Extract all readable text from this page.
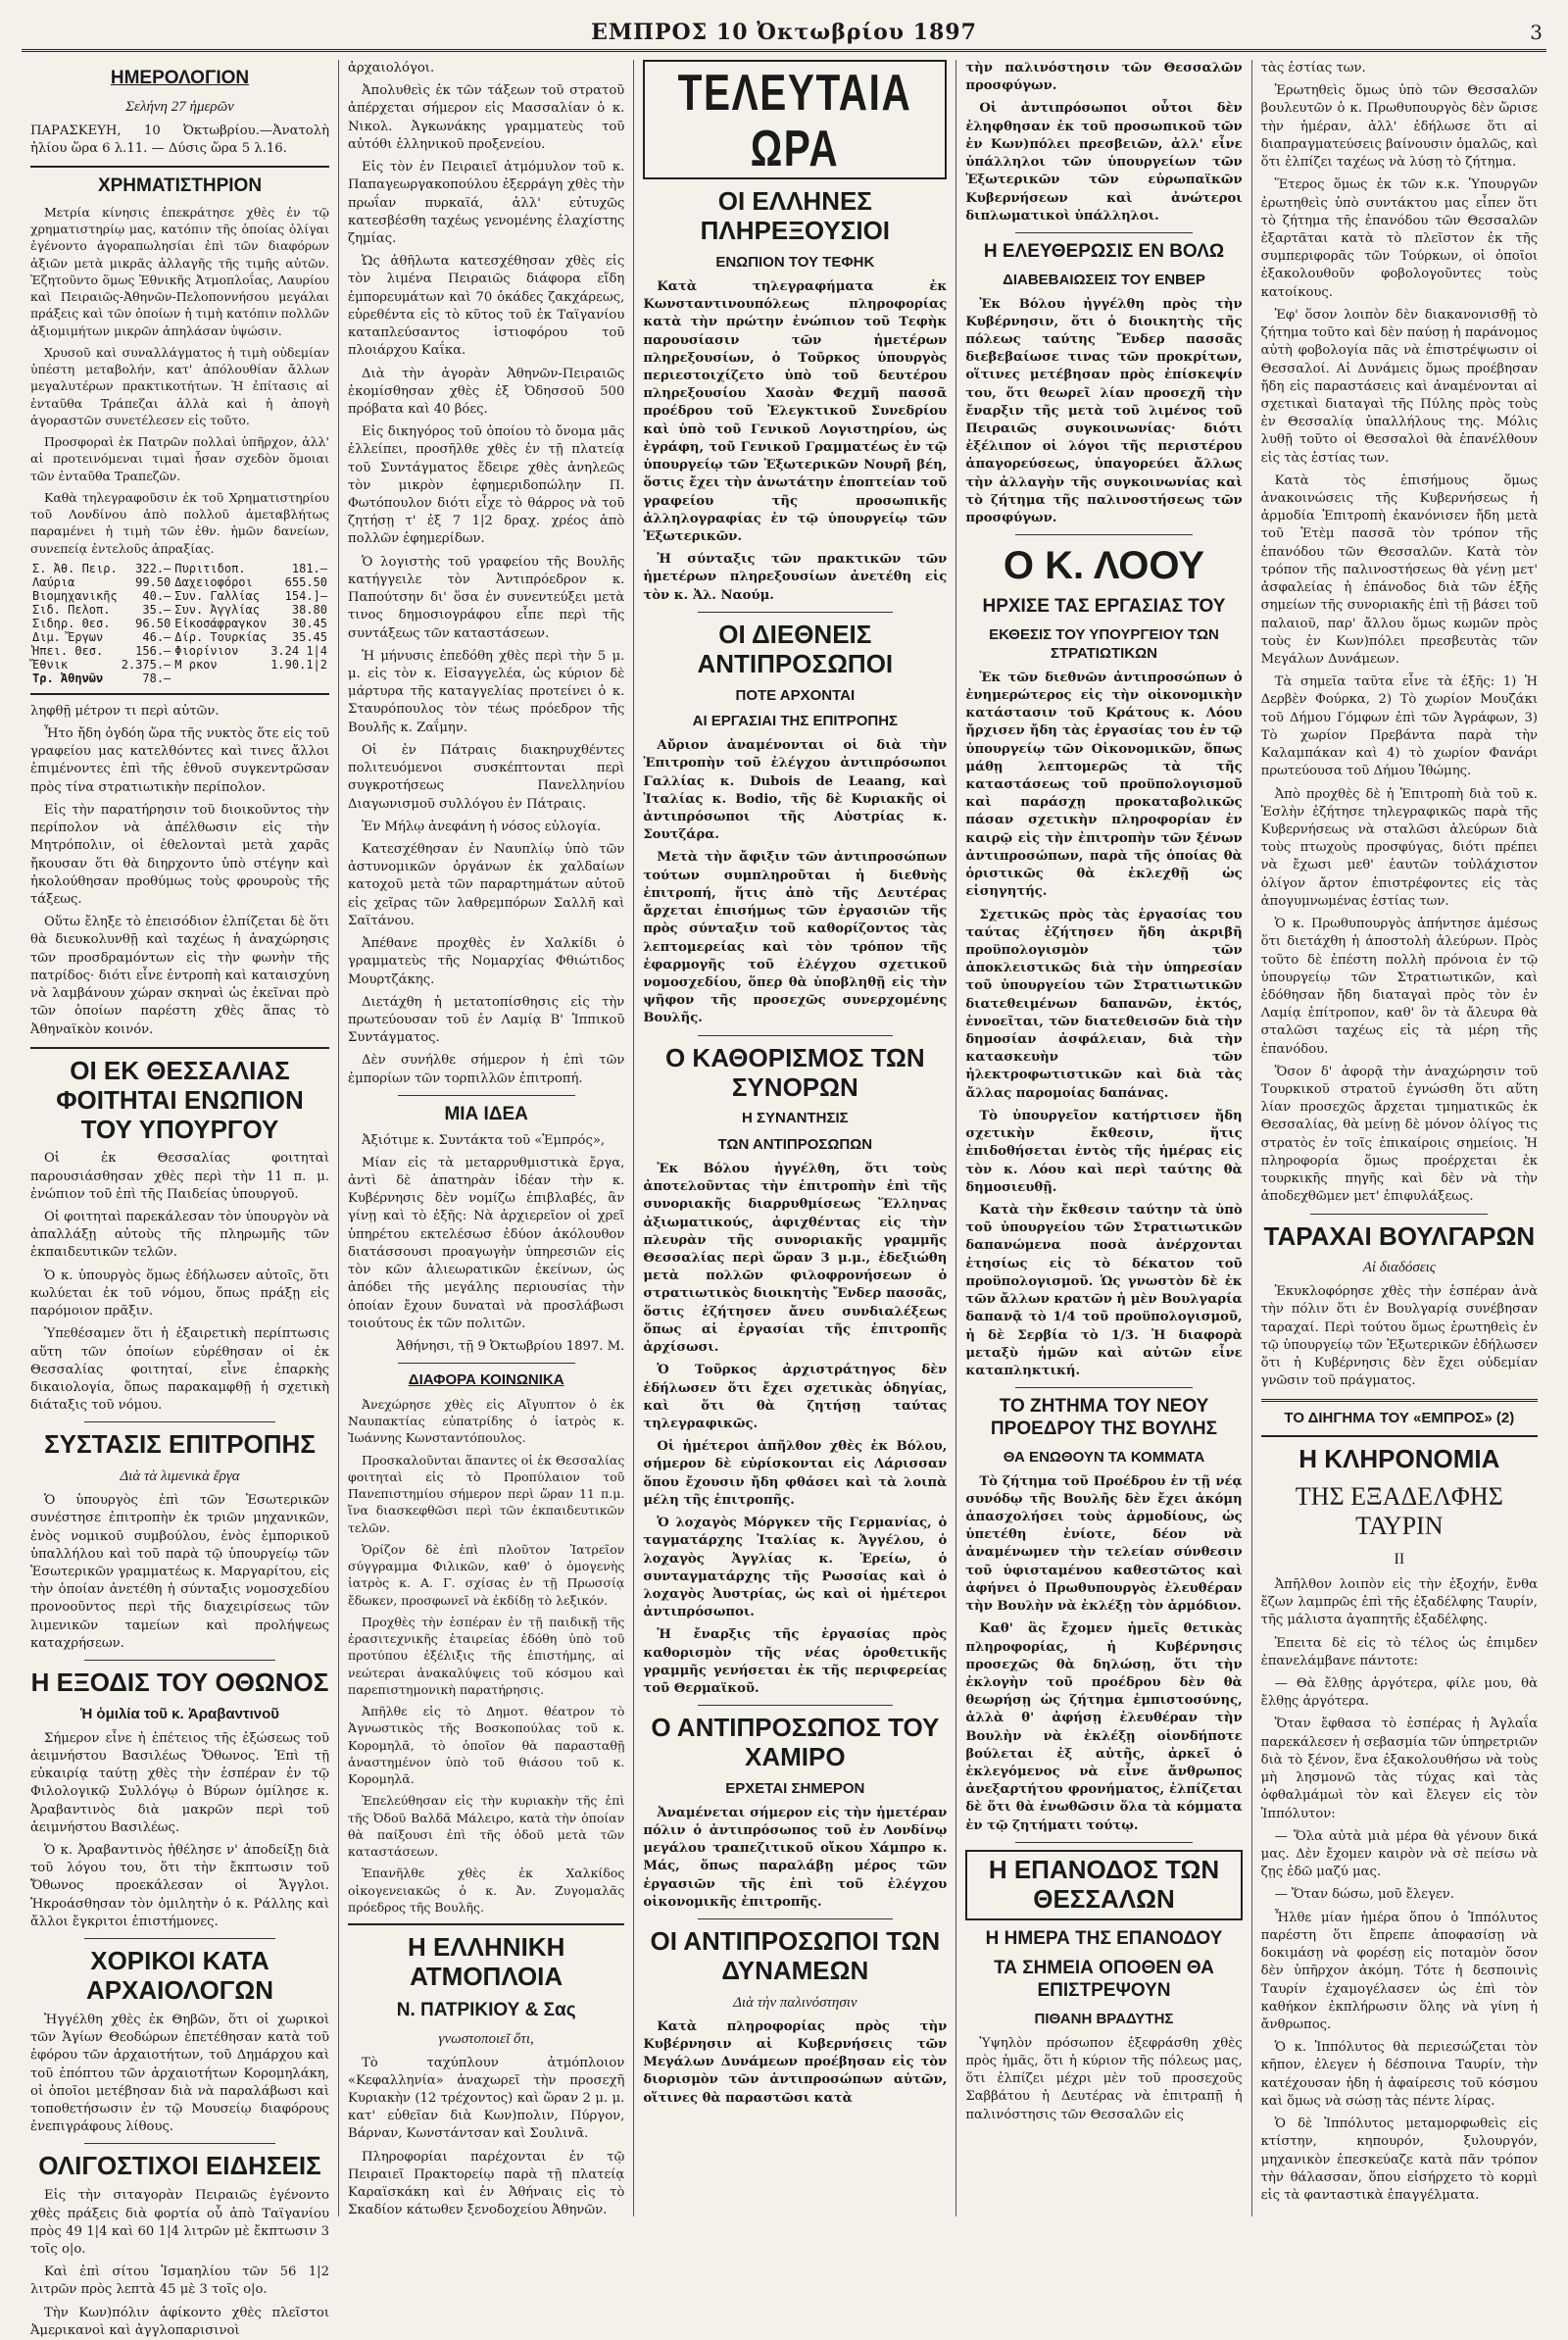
ΕΜΠΡΟΣ 10 Ὀκτωβρίου 1897	3
ΗΜΕΡΟΛΟΓΙΟΝ
Σελήνη 27 ἡμερῶν

ΠΑΡΑΣΚΕΥΗ, 10 Ὀκτωβρίου.—Ἀνατολὴ ἡλίου ὥρα 6 λ.11. — Δύσις ὥρα 5 λ.16.

ΧΡΗΜΑΤΙΣΤΗΡΙΟΝ

Μετρία κίνησις ἐπεκράτησε χθὲς ἐν τῷ χρηματιστηρίῳ μας, κατόπιν τῆς ὁποίας ὀλίγαι ἐγένοντο ἀγοραπωλησίαι ἐπὶ τῶν διαφόρων ἀξιῶν μετὰ μικρᾶς ἀλλαγῆς τῆς τιμῆς αὐτῶν. Ἐζητοῦντο ὅμως Ἐθνικῆς Ἀτμοπλοΐας, Λαυρίου καὶ Πειραιῶς-Ἀθηνῶν-Πελοποννήσου μεγάλαι πράξεις καὶ τῶν ὁποίων ἡ τιμὴ κατόπιν πολλῶν ἀξιομιμήτων μικρῶν ἀπηλάσαν ὑψώσιν.

Χρυσοῦ καὶ συναλλάγματος ἡ τιμὴ οὐδεμίαν ὑπέστη μεταβολήν, κατ' ἀπόλουθίαν ἄλλων μεγαλυτέρων πρακτικοτήτων. Ἡ ἐπίτασις αἱ ἐνταῦθα Τράπεζαι ἀλλὰ καὶ ἡ ἀπογὴ ἀγοραστῶν συνετέλεσεν εἰς τοῦτο.

Προσφοραὶ ἐκ Πατρῶν πολλαὶ ὑπῆρχον, ἀλλ' αἱ προτεινόμεναι τιμαὶ ἦσαν σχεδὸν ὅμοιαι τῶν ἐνταῦθα Τραπεζῶν.

Καθὰ τηλεγραφοῦσιν ἐκ τοῦ Χρηματιστηρίου τοῦ Λονδίνου ἀπὸ πολλοῦ ἀμεταβλήτως παραμένει ἡ τιμὴ τῶν ἐθν. ἡμῶν δανείων, συνεπείᾳ ἐντελοῦς ἀπραξίας.

Σ. Ἀθ. Πειρ.	322.—	Πυριτιδοπ.	181.—
Λαύρια	99.50	Δαχειοφόροι	655.50
Βιομηχανικῆς	40.—	Συν. Γαλλίας	154.]—
Σιδ. Πελοπ.	35.—	Συν. Ἀγγλίας	38.80
Σιδηρ. Θεσ.	96.50	Εἰκοσάφραγκον	30.45
Διμ. Ἔργων	46.—	Δίρ. Τουρκίας	35.45
Ἡπει. Θεσ.	156.—	Φιορίνιον	3.24 1|4
Ἔθνικ	2.375.—	Μ ρκον	1.90.1|2
Τρ. Ἀθηνῶν	78.—		

ληφθῇ μέτρον τι περὶ αὐτῶν.

Ἦτο ἤδη ὀγδόη ὥρα τῆς νυκτὸς ὅτε εἰς τοῦ γραφείου μας κατελθόντες καὶ τινες ἄλλοι ἐπιμένοντες ἐπὶ τῆς ἐθνοῦ συγκεντρῶσαν πρὸς τίνα στρατιωτικὴν περίπολον.

Εἰς τὴν παρατήρησιν τοῦ διοικοῦντος τὴν περίπολον νὰ ἀπέλθωσιν εἰς τὴν Μητρόπολιν, οἱ ἐθελονταὶ μετὰ χαρᾶς ἤκουσαν ὅτι θὰ διηρχοντο ὑπὸ στέγην καὶ ἠκολούθησαν προθύμως τοὺς φρουροὺς τῆς τάξεως.

Οὕτω ἔληξε τὸ ἐπεισόδιον ἐλπίζεται δὲ ὅτι θὰ διευκολυνθῇ καὶ ταχέως ἡ ἀναχώρησις τῶν προσδραμόντων εἰς τὴν φωνὴν τῆς πατρίδος· διότι εἶνε ἐντροπὴ καὶ καταισχύνη νὰ λαμβάνουν χώραν σκηναὶ ὡς ἐκεῖναι πρὸ τῶν ὁποίων παρέστη χθὲς ἅπας τὸ Ἀθηναϊκὸν κοινόν.

ΟΙ ΕΚ ΘΕΣΣΑΛΙΑΣ ΦΟΙΤΗΤΑΙ ΕΝΩΠΙΟΝ ΤΟΥ ΥΠΟΥΡΓΟΥ

Οἱ ἐκ Θεσσαλίας φοιτηταὶ παρουσιάσθησαν χθὲς περὶ τὴν 11 π. μ. ἐνώπιον τοῦ ἐπὶ τῆς Παιδείας ὑπουργοῦ.

Οἱ φοιτηταὶ παρεκάλεσαν τὸν ὑπουργὸν νὰ ἀπαλλάξῃ αὐτοὺς τῆς πληρωμῆς τῶν ἐκπαιδευτικῶν τελῶν.

Ὁ κ. ὑπουργὸς ὅμως ἐδήλωσεν αὐτοῖς, ὅτι κωλύεται ἐκ τοῦ νόμου, ὅπως πράξῃ εἰς παρόμοιον πρᾶξιν.

Ὑπεθέσαμεν ὅτι ἡ ἐξαιρετικὴ περίπτωσις αὕτη τῶν ὁποίων εὑρέθησαν οἱ ἐκ Θεσσαλίας φοιτηταί, εἶνε ἐπαρκὴς δικαιολογία, ὅπως παρακαμφθῇ ἡ σχετικὴ διάταξις τοῦ νόμου.

ΣΥΣΤΑΣΙΣ ΕΠΙΤΡΟΠΗΣ
Διὰ τὰ λιμενικὰ ἔργα

Ὁ ὑπουργὸς ἐπὶ τῶν Ἐσωτερικῶν συνέστησε ἐπιτροπὴν ἐκ τριῶν μηχανικῶν, ἐνὸς νομικοῦ συμβούλου, ἐνὸς ἐμπορικοῦ ὑπαλλήλου καὶ τοῦ παρὰ τῷ ὑπουργείῳ τῶν Ἐσωτερικῶν γραμματέως κ. Μαργαρίτου, εἰς τὴν ὁποίαν ἀνετέθη ἡ σύνταξις νομοσχεδίου προνοοῦντος περὶ τῆς διαχειρίσεως τῶν λιμενικῶν ταμείων καὶ προλήψεως καταχρήσεων.

Η ΕΞΟΔΙΣ ΤΟΥ ΟΘΩΝΟΣ
Ἡ ὁμιλία τοῦ κ. Ἀραβαντινοῦ

Σήμερον εἶνε ἡ ἐπέτειος τῆς ἐξώσεως τοῦ ἀειμνήστου Βασιλέως Ὄθωνος. Ἐπὶ τῇ εὐκαιρίᾳ ταύτῃ χθὲς τὴν ἑσπέραν ἐν τῷ Φιλολογικῷ Συλλόγῳ ὁ Βύρων ὁμίλησε κ. Ἀραβαντινὸς διὰ μακρῶν περὶ τοῦ ἀειμνήστου Βασιλέως.

Ὁ κ. Ἀραβαντινὸς ἠθέλησε ν' ἀποδείξῃ διὰ τοῦ λόγου του, ὅτι τὴν ἔκπτωσιν τοῦ Ὄθωνος προεκάλεσαν οἱ Ἄγγλοι. Ἠκροάσθησαν τὸν ὁμιλητὴν ὁ κ. Ράλλης καὶ ἄλλοι ἔγκριτοι ἐπιστήμονες.

ΧΟΡΙΚΟΙ ΚΑΤΑ ΑΡΧΑΙΟΛΟΓΩΝ

Ἠγγέλθη χθὲς ἐκ Θηβῶν, ὅτι οἱ χωρικοὶ τῶν Ἁγίων Θεοδώρων ἐπετέθησαν κατὰ τοῦ ἐφόρου τῶν ἀρχαιοτήτων, τοῦ Δημάρχου καὶ τοῦ ἐπόπτου τῶν ἀρχαιοτήτων Κορομηλάκη, οἱ ὁποῖοι μετέβησαν διὰ νὰ παραλάβωσι καὶ τοποθετήσωσιν ἐν τῷ Μουσείῳ διαφόρους ἐνεπιγράφους λίθους.

ΟΛΙΓΟΣΤΙΧΟΙ ΕΙΔΗΣΕΙΣ

Εἰς τὴν σιταγορὰν Πειραιῶς ἐγένοντο χθὲς πράξεις διὰ φορτία οὗ ἀπὸ Ταϊγανίου πρὸς 49 1|4 καὶ 60 1|4 λιτρῶν μὲ ἔκπτωσιν 3 τοῖς ο|ο.

Καὶ ἐπὶ σίτου Ἰσμαηλίου τῶν 56 1|2 λιτρῶν πρὸς λεπτὰ 45 μὲ 3 τοῖς ο|ο.

Τὴν Κων)πόλιν ἀφίκοντο χθὲς πλεῖστοι Ἀμερικανοὶ καὶ ἀγγλοπαρισινοὶ

ἀρχαιολόγοι.

Ἀπολυθεὶς ἐκ τῶν τάξεων τοῦ στρατοῦ ἀπέρχεται σήμερον εἰς Μασσαλίαν ὁ κ. Νικολ. Ἀγκωνάκης γραμματεὺς τοῦ αὐτόθι ἑλληνικοῦ προξενείου.

Εἰς τὸν ἐν Πειραιεῖ ἀτμόμυλον τοῦ κ. Παπαγεωργακοπούλου ἐξερράγη χθὲς τὴν πρωΐαν πυρκαϊά, ἀλλ' εὐτυχῶς κατεσβέσθη ταχέως γενομένης ἐλαχίστης ζημίας.

Ὡς ἀθῆλωτα κατεσχέθησαν χθὲς εἰς τὸν λιμένα Πειραιῶς διάφορα εἴδη ἐμπορευμάτων καὶ 70 ὀκάδες ζακχάρεως, εὑρεθέντα εἰς τὸ κῦτος τοῦ ἐκ Ταϊγανίου καταπλεύσαντος ἱστιοφόρου τοῦ πλοιάρχου Καΐκα.

Διὰ τὴν ἀγορὰν Ἀθηνῶν-Πειραιῶς ἐκομίσθησαν χθὲς ἐξ Ὀδησσοῦ 500 πρόβατα καὶ 40 βόες.

Εἰς δικηγόρος τοῦ ὁποίου τὸ ὄνομα μᾶς ἐλλείπει, προσῆλθε χθὲς ἐν τῇ πλατείᾳ τοῦ Συντάγματος ἔδειρε χθὲς ἀνηλεῶς τὸν μικρὸν ἐφημεριδοπώλην Π. Φωτόπουλον διότι εἶχε τὸ θάρρος νὰ τοῦ ζητήσῃ τ' ἐξ 7 1|2 δραχ. χρέος ἀπὸ πολλῶν ἐφημερίδων.

Ὁ λογιστὴς τοῦ γραφείου τῆς Βουλῆς κατήγγειλε τὸν Ἀντιπρόεδρον κ. Παπούτσην δι' ὅσα ἐν συνεντεύξει μετὰ τινος δημοσιογράφου εἶπε περὶ τῆς συντάξεως τῶν καταστάσεων.

Ἡ μήνυσις ἐπεδόθη χθὲς περὶ τὴν 5 μ. μ. εἰς τὸν κ. Εἰσαγγελέα, ὡς κύριον δὲ μάρτυρα τῆς καταγγελίας προτείνει ὁ κ. Σταυρόπουλος τὸν τέως πρόεδρον τῆς Βουλῆς κ. Ζαΐμην.

Οἱ ἐν Πάτραις διακηρυχθέντες πολιτευόμενοι συσκέπτονται περὶ συγκροτήσεως Πανελληνίου Διαγωνισμοῦ συλλόγου ἐν Πάτραις.

Ἐν Μήλῳ ἀνεφάνη ἡ νόσος εὐλογία.

Κατεσχέθησαν ἐν Ναυπλίῳ ὑπὸ τῶν ἀστυνομικῶν ὀργάνων ἐκ χαλδαίων κατοχοῦ μετὰ τῶν παραρτημάτων αὐτοῦ εἰς χεῖρας τῶν λαθρεμπόρων Σαλλῆ καὶ Σαϊτάνου.

Ἀπέθανε προχθὲς ἐν Χαλκίδι ὁ γραμματεὺς τῆς Νομαρχίας Φθιώτιδος Μουρτζάκης.

Διετάχθη ἡ μετατοπίσθησις εἰς τὴν πρωτεύουσαν τοῦ ἐν Λαμίᾳ Β' Ἱππικοῦ Συντάγματος.

Δὲν συνήλθε σήμερον ἡ ἐπὶ τῶν ἐμπορίων τῶν τορπιλλῶν ἐπιτροπή.

ΜΙΑ ΙΔΕΑ

Ἀξιότιμε κ. Συντάκτα τοῦ «Ἐμπρός»,

Μίαν εἰς τὰ μεταρρυθμιστικὰ ἔργα, ἀντὶ δὲ ἀπατηρὰν ἰδέαν τὴν κ. Κυβέρνησις δὲν νομίζω ἐπιβλαβές, ἂν γίνῃ καὶ τὸ ἑξῆς: Νὰ ἀρχιερεῖον οἱ χρεῖ ὑπηρέτου εκτελέσωσ ἐδύον ἀκόλουθον διατάσσουσι προαγωγὴν ὑπηρεσιῶν εἰς τὸν κῶν ἀλιεωρατικῶν ἐκείνων, ὡς ἀπόδει τῆς μεγάλης περιουσίας τὴν ὁποίαν ἔχουν δυναταὶ νὰ προσλάβωσι τοιούτους ἐκ τῶν πολιτῶν.

Ἀθήνησι, τῇ 9 Ὀκτωβρίου 1897. Μ.

ΔΙΑΦΟΡΑ ΚΟΙΝΩΝΙΚΑ

Ἀνεχώρησε χθὲς εἰς Αἴγυπτον ὁ ἐκ Ναυπακτίας εὐπατρίδης ὁ ἰατρὸς κ. Ἰωάννης Κωνσταντόπουλος.

Προσκαλοῦνται ἅπαντες οἱ ἐκ Θεσσαλίας φοιτηταὶ εἰς τὸ Προπύλαιον τοῦ Πανεπιστημίου σήμερον περὶ ὥραν 11 π.μ. ἵνα διασκεφθῶσι περὶ τῶν ἐκπαιδευτικῶν τελῶν.

Ὁρίζον δὲ ἐπὶ πλοῦτον Ἰατρεῖον σύγγραμμα Φιλικῶν, καθ' ὁ ὁμογενὴς ἰατρὸς κ. Α. Γ. σχίσας ἐν τῇ Πρωσσίᾳ ἔδωκεν, προσφωνεῖ νὰ ἐκδίδῃ τὸ λεξικόν.

Προχθὲς τὴν ἑσπέραν ἐν τῇ παιδικῇ τῆς ἐρασιτεχνικῆς ἑταιρείας ἐδόθη ὑπὸ τοῦ προτύπου ἐξέλιξις τῆς ἐπιστήμης, αἱ νεώτεραι ἀνακαλύψεις τοῦ κόσμου καὶ παρεπιστημονικὴ παρατήρησις.

Ἀπῆλθε εἰς τὸ Δημοτ. θέατρον τὸ Ἀγνωστικὸς τῆς Βοσκοπούλας τοῦ κ. Κορομηλᾶ, τὸ ὁποῖον θὰ παρασταθῇ ἀναστημένον ὑπὸ τοῦ θιάσου τοῦ κ. Κορομηλᾶ.

Ἐπελεύθησαν εἰς τὴν κυριακὴν τῆς ἐπὶ τῆς Ὀδοῦ Βαλδᾶ Μάλειρο, κατὰ τὴν ὁποίαν θὰ παίξουσι ἐπὶ τῆς ὁδοῦ μετὰ τῶν καταστάσεων.

Ἐπανῆλθε χθὲς ἐκ Χαλκίδος οἰκογενειακῶς ὁ κ. Ἀν. Ζυγομαλᾶς πρόεδρος τῆς Βουλῆς.

Η ΕΛΛΗΝΙΚΗ ΑΤΜΟΠΛΟΙΑ
Ν. ΠΑΤΡΙΚΙΟΥ & Σας
γνωστοποιεῖ ὅτι,

Τὸ ταχύπλουν ἀτμόπλοιον «Κεφαλληνία» ἀναχωρεῖ τὴν προσεχῆ Κυριακὴν (12 τρέχοντος) καὶ ὥραν 2 μ. μ. κατ' εὐθεῖαν διὰ Κων)πολιν, Πύργον, Βάρναν, Κωνστάντσαν καὶ Σουλινᾶ.

Πληροφορίαι παρέχονται ἐν τῷ Πειραιεῖ Πρακτορείῳ παρὰ τῇ πλατείᾳ Καραϊσκάκη καὶ ἐν Ἀθήναις εἰς τὸ Σκαδίον κάτωθεν ξενοδοχείου Ἀθηνῶν.

ΤΕΛΕΥΤΑΙΑ ΩΡΑ
ΟΙ ΕΛΛΗΝΕΣ ΠΛΗΡΕΞΟΥΣΙΟΙ
ΕΝΩΠΙΟΝ ΤΟΥ ΤΕΦΗΚ

Κατὰ τηλεγραφήματα ἐκ Κωνσταντινουπόλεως πληροφορίας κατὰ τὴν πρώτην ἐνώπιον τοῦ Τεφὴκ παρουσίασιν τῶν ἡμετέρων πληρεξουσίων, ὁ Τοῦρκος ὑπουργὸς περιεστοιχίζετο ὑπὸ τοῦ δευτέρου πληρεξουσίου Χασὰν Φεχμῆ πασσᾶ προέδρου τοῦ Ἐλεγκτικοῦ Συνεδρίου καὶ ὑπὸ τοῦ Γενικοῦ Λογιστηρίου, ὡς ἐγράφη, τοῦ Γενικοῦ Γραμματέως ἐν τῷ ὑπουργείῳ τῶν Ἐξωτερικῶν Νουρῆ βέη, ὅστις ἔχει τὴν ἀνωτάτην ἐποπτείαν τοῦ γραφείου τῆς προσωπικῆς ἀλληλογραφίας ἐν τῷ ὑπουργείῳ τῶν Ἐξωτερικῶν.

Ἡ σύνταξις τῶν πρακτικῶν τῶν ἡμετέρων πληρεξουσίων ἀνετέθη εἰς τὸν κ. Ἀλ. Ναούμ.

ΟΙ ΔΙΕΘΝΕΙΣ ΑΝΤΙΠΡΟΣΩΠΟΙ
ΠΟΤΕ ΑΡΧΟΝΤΑΙ
ΑΙ ΕΡΓΑΣΙΑΙ ΤΗΣ ΕΠΙΤΡΟΠΗΣ

Αὔριον ἀναμένονται οἱ διὰ τὴν Ἐπιτροπὴν τοῦ ἐλέγχου ἀντιπρόσωποι Γαλλίας κ. Dubois de Leaang, καὶ Ἰταλίας κ. Bodio, τῆς δὲ Κυριακῆς οἱ ἀντιπρόσωποι τῆς Αὐστρίας κ. Σουτζάρα.

Μετὰ τὴν ἄφιξιν τῶν ἀντιπροσώπων τούτων συμπληροῦται ἡ διεθνὴς ἐπιτροπή, ἥτις ἀπὸ τῆς Δευτέρας ἄρχεται ἐπισήμως τῶν ἐργασιῶν τῆς πρὸς σύνταξιν τοῦ καθορίζοντος τὰς λεπτομερείας καὶ τὸν τρόπον τῆς ἐφαρμογῆς τοῦ ἐλέγχου σχετικοῦ νομοσχεδίου, ὅπερ θὰ ὑποβληθῇ εἰς τὴν ψῆφον τῆς προσεχῶς συνερχομένης Βουλῆς.

Ο ΚΑΘΟΡΙΣΜΟΣ ΤΩΝ ΣΥΝΟΡΩΝ
Η ΣΥΝΑΝΤΗΣΙΣ
ΤΩΝ ΑΝΤΙΠΡΟΣΩΠΩΝ

Ἐκ Βόλου ἠγγέλθη, ὅτι τοὺς ἀποτελοῦντας τὴν ἐπιτροπὴν ἐπὶ τῆς συνοριακῆς διαρρυθμίσεως Ἕλληνας ἀξιωματικούς, ἀφιχθέντας εἰς τὴν πλευρὰν τῆς συνοριακῆς γραμμῆς Θεσσαλίας περὶ ὥραν 3 μ.μ., ἐδεξιώθη μετὰ πολλῶν φιλοφρονήσεων ὁ στρατιωτικὸς διοικητὴς Ἔνδερ πασσᾶς, ὅστις ἐζήτησεν ἄνευ συνδιαλέξεως ὅπως αἱ ἐργασίαι τῆς ἐπιτροπῆς ἀρχίσωσι.

Ὁ Τοῦρκος ἀρχιστράτηγος δὲν ἐδήλωσεν ὅτι ἔχει σχετικὰς ὁδηγίας, καὶ ὅτι θὰ ζητήσῃ ταύτας τηλεγραφικῶς.

Οἱ ἡμέτεροι ἀπῆλθον χθὲς ἐκ Βόλου, σήμερον δὲ εὑρίσκονται εἰς Λάρισσαν ὅπου ἔχουσιν ἤδη φθάσει καὶ τὰ λοιπὰ μέλη τῆς ἐπιτροπῆς.

Ὁ λοχαγὸς Μόργκεν τῆς Γερμανίας, ὁ ταγματάρχης Ἰταλίας κ. Ἀγγέλου, ὁ λοχαγὸς Ἀγγλίας κ. Ἑρείω, ὁ συνταγματάρχης τῆς Ρωσσίας καὶ ὁ λοχαγὸς Ἀυστρίας, ὡς καὶ οἱ ἡμέτεροι ἀντιπρόσωποι.

Ἡ ἔναρξις τῆς ἐργασίας πρὸς καθορισμὸν τῆς νέας ὁροθετικῆς γραμμῆς γενήσεται ἐκ τῆς περιφερείας τοῦ Θερμαϊκοῦ.

Ο ΑΝΤΙΠΡΟΣΩΠΟΣ ΤΟΥ ΧΑΜΙΡΟ
ΕΡΧΕΤΑΙ ΣΗΜΕΡΟΝ

Ἀναμένεται σήμερον εἰς τὴν ἡμετέραν πόλιν ὁ ἀντιπρόσωπος τοῦ ἐν Λονδίνῳ μεγάλου τραπεζιτικοῦ οἴκου Χάμπρο κ. Μάς, ὅπως παραλάβῃ μέρος τῶν ἐργασιῶν τῆς ἐπὶ τοῦ ἐλέγχου οἰκονομικῆς ἐπιτροπῆς.

ΟΙ ΑΝΤΙΠΡΟΣΩΠΟΙ ΤΩΝ ΔΥΝΑΜΕΩΝ
Διὰ τὴν παλινόστησιν

Κατὰ πληροφορίας πρὸς τὴν Κυβέρνησιν αἱ Κυβερνήσεις τῶν Μεγάλων Δυνάμεων προέβησαν εἰς τὸν διορισμὸν τῶν ἀντιπροσώπων αὐτῶν, οἵτινες θὰ παραστῶσι κατὰ

τὴν παλινόστησιν τῶν Θεσσαλῶν προσφύγων.

Οἱ ἀντιπρόσωποι οὗτοι δὲν ἐληφθησαν ἐκ τοῦ προσωπικοῦ τῶν ἐν Κων)πόλει πρεσβειῶν, ἀλλ' εἶνε ὑπάλληλοι τῶν ὑπουργείων τῶν Ἐξωτερικῶν τῶν εὐρωπαϊκῶν Κυβερνήσεων καὶ ἀνώτεροι διπλωματικοὶ ὑπάλληλοι.

Η ΕΛΕΥΘΕΡΩΣΙΣ ΕΝ ΒΟΛΩ
ΔΙΑΒΕΒΑΙΩΣΕΙΣ ΤΟΥ ΕΝΒΕΡ

Ἐκ Βόλου ἠγγέλθη πρὸς τὴν Κυβέρνησιν, ὅτι ὁ διοικητὴς τῆς πόλεως ταύτης Ἔνδερ πασσᾶς διεβεβαίωσε τινας τῶν προκρίτων, οἵτινες μετέβησαν πρὸς ἐπίσκεψίν του, ὅτι θεωρεῖ λίαν προσεχῆ τὴν ἔναρξιν τῆς μετὰ τοῦ λιμένος τοῦ Πειραιῶς συγκοινωνίας· διότι ἐξέλιπον οἱ λόγοι τῆς περιστέρου ἀπαγορεύσεως, ὑπαγορεύει ἄλλως τὴν ἀλλαγὴν τῆς συγκοινωνίας καὶ τὸ ζήτημα τῆς παλινοστήσεως τῶν προσφύγων.

Ο Κ. ΛΟΟΥ
ΗΡΧΙΣΕ ΤΑΣ ΕΡΓΑΣΙΑΣ ΤΟΥ
ΕΚΘΕΣΙΣ ΤΟΥ ΥΠΟΥΡΓΕΙΟΥ ΤΩΝ ΣΤΡΑΤΙΩΤΙΚΩΝ

Ἐκ τῶν διεθνῶν ἀντιπροσώπων ὁ ἐνημερώτερος εἰς τὴν οἰκονομικὴν κατάστασιν τοῦ Κράτους κ. Λόου ἤρχισεν ἤδη τὰς ἐργασίας του ἐν τῷ ὑπουργείῳ τῶν Οἰκονομικῶν, ὅπως μάθῃ λεπτομερῶς τὰ τῆς καταστάσεως τοῦ προϋπολογισμοῦ καὶ παράσχῃ προκαταβολικῶς πάσαν σχετικὴν πληροφορίαν ἐν καιρῷ εἰς τὴν ἐπιτροπὴν τῶν ξένων ἀντιπροσώπων, παρὰ τῆς ὁποίας θὰ ὁριστικῶς θὰ ἐκλεχθῇ ὡς εἰσηγητής.

Σχετικῶς πρὸς τὰς ἐργασίας του ταύτας ἐζήτησεν ἤδη ἀκριβῆ προϋπολογισμὸν τῶν ἀποκλειστικῶς διὰ τὴν ὑπηρεσίαν τοῦ ὑπουργείου τῶν Στρατιωτικῶν διατεθειμένων δαπανῶν, ἐκτός, ἐννοεῖται, τῶν διατεθεισῶν διὰ τὴν δημοσίαν ἀσφάλειαν, διὰ τὴν κατασκευὴν τῶν ἠλεκτροφωτιστικῶν καὶ διὰ τὰς ἄλλας παρομοίας δαπάνας.

Τὸ ὑπουργεῖον κατήρτισεν ἤδη σχετικὴν ἔκθεσιν, ἥτις ἐπιδοθήσεται ἐντὸς τῆς ἡμέρας εἰς τὸν κ. Λόου καὶ περὶ ταύτης θὰ δημοσιευθῇ.

Κατὰ τὴν ἔκθεσιν ταύτην τὰ ὑπὸ τοῦ ὑπουργείου τῶν Στρατιωτικῶν δαπανώμενα ποσὰ ἀνέρχονται ἐτησίως εἰς τὸ δέκατον τοῦ προϋπολογισμοῦ. Ὡς γνωστὸν δὲ ἐκ τῶν ἄλλων κρατῶν ἡ μὲν Βουλγαρία δαπανᾷ τὸ 1/4 τοῦ προϋπολογισμοῦ, ἡ δὲ Σερβία τὸ 1/3. Ἡ διαφορὰ μεταξὺ ἡμῶν καὶ αὐτῶν εἶνε καταπληκτική.

ΤΟ ΖΗΤΗΜΑ ΤΟΥ ΝΕΟΥ ΠΡΟΕΔΡΟΥ ΤΗΣ ΒΟΥΛΗΣ
ΘΑ ΕΝΩΘΟΥΝ ΤΑ ΚΟΜΜΑΤΑ

Τὸ ζήτημα τοῦ Προέδρου ἐν τῇ νέᾳ συνόδῳ τῆς Βουλῆς δὲν ἔχει ἀκόμη ἀπασχολήσει τοὺς ἀρμοδίους, ὡς ὑπετέθη ἐνίοτε, δέον νὰ ἀναμένωμεν τὴν τελείαν σύνθεσιν τοῦ ὑφισταμένου καθεστῶτος καὶ ἀφήνει ὁ Πρωθυπουργὸς ἐλευθέραν τὴν Βουλὴν νὰ ἐκλέξῃ τὸν ἁρμόδιον.

Καθ' ἃς ἔχομεν ἡμεῖς θετικὰς πληροφορίας, ἡ Κυβέρνησις προσεχῶς θὰ δηλώσῃ, ὅτι τὴν ἐκλογὴν τοῦ προέδρου δὲν θὰ θεωρήσῃ ὡς ζήτημα ἐμπιστοσύνης, ἀλλὰ θ' ἀφήσῃ ἐλευθέραν τὴν Βουλὴν νὰ ἐκλέξῃ οἱονδήποτε βούλεται ἐξ αὐτῆς, ἀρκεῖ ὁ ἐκλεγόμενος νὰ εἶνε ἄνθρωπος ἀνεξαρτήτου φρονήματος, ἐλπίζεται δὲ ὅτι θὰ ἑνωθῶσιν ὅλα τὰ κόμματα ἐν τῷ ζητήματι τούτῳ.

Η ΕΠΑΝΟΔΟΣ ΤΩΝ ΘΕΣΣΑΛΩΝ
Η ΗΜΕΡΑ ΤΗΣ ΕΠΑΝΟΔΟΥ
ΤΑ ΣΗΜΕΙΑ ΟΠΟΘΕΝ ΘΑ ΕΠΙΣΤΡΕΨΟΥΝ
ΠΙΘΑΝΗ ΒΡΑΔΥΤΗΣ

Ὑψηλὸν πρόσωπον ἐξεφράσθη χθὲς πρὸς ἡμᾶς, ὅτι ἡ κύριον τῆς πόλεως μας, ὅτι ἐλπίζει μέχρι μὲν τοῦ προσεχοῦς Σαββάτου ἡ Δευτέρας νὰ ἐπιτραπῇ ἡ παλινόστησις τῶν Θεσσαλῶν εἰς

τὰς ἑστίας των.

Ἐρωτηθεὶς ὅμως ὑπὸ τῶν Θεσσαλῶν βουλευτῶν ὁ κ. Πρωθυπουργὸς δὲν ὥρισε τὴν ἡμέραν, ἀλλ' ἐδήλωσε ὅτι αἱ διαπραγματεύσεις βαίνουσιν ὁμαλῶς, καὶ ὅτι ἐλπίζει ταχέως νὰ λύσῃ τὸ ζήτημα.

Ἕτερος ὅμως ἐκ τῶν κ.κ. Ὑπουργῶν ἐρωτηθεὶς ὑπὸ συντάκτου μας εἶπεν ὅτι τὸ ζήτημα τῆς ἐπανόδου τῶν Θεσσαλῶν ἐξαρτᾶται κατὰ τὸ πλεῖστον ἐκ τῆς συμπεριφορᾶς τῶν Τούρκων, οἱ ὁποῖοι ἐξακολουθοῦν φοβολογοῦντες τοὺς κατοίκους.

Ἐφ' ὅσον λοιπὸν δὲν διακανονισθῇ τὸ ζήτημα τοῦτο καὶ δὲν παύσῃ ἡ παράνομος αὐτὴ φοβολογία πᾶς νὰ ἐπιστρέψωσιν οἱ Θεσσαλοί. Αἱ Δυνάμεις ὅμως προέβησαν ἤδη εἰς παραστάσεις καὶ ἀναμένονται αἱ σχετικαὶ διαταγαὶ τῆς Πύλης πρὸς τοὺς ἐν Θεσσαλίᾳ ὑπαλλήλους της. Μόλις λυθῇ τοῦτο οἱ Θεσσαλοὶ θὰ ἐπανέλθουν εἰς τὰς ἑστίας των.

Κατὰ τὸς ἐπισήμους ὅμως ἀνακοινώσεις τῆς Κυβερνήσεως ἡ ἁρμοδία Ἐπιτροπὴ ἐκανόνισεν ἤδη μετὰ τοῦ Ἐτὲμ πασσᾶ τὸν τρόπον τῆς ἐπανόδου τῶν Θεσσαλῶν. Κατὰ τὸν τρόπον τῆς παλινοστήσεως θὰ γένῃ μετ' ἀσφαλείας ἡ ἐπάνοδος διὰ τῶν ἑξῆς σημείων τῆς συνοριακῆς ἐπὶ τῇ βάσει τοῦ παλαιοῦ, παρ' ἄλλου ὅμως κωμῶν πρὸς τοὺς ἐν Κων)πόλει πρεσβευτὰς τῶν Μεγάλων Δυνάμεων.

Τὰ σημεῖα ταῦτα εἶνε τὰ ἑξῆς: 1) Ἡ Δερβὲν Φούρκα, 2) Τὸ χωρίον Μουζάκι τοῦ Δήμου Γόμφων ἐπὶ τῶν Ἀγράφων, 3) Τὸ χωρίον Πρεβάντα παρὰ τὴν Καλαμπάκαν καὶ 4) τὸ χωρίον Φανάρι πρωτεύουσα τοῦ Δήμου Ἰθώμης.

Ἀπὸ προχθὲς δὲ ἡ Ἐπιτροπὴ διὰ τοῦ κ. Ἐσλὴν ἐζήτησε τηλεγραφικῶς παρὰ τῆς Κυβερνήσεως νὰ σταλῶσι ἀλεύρων διὰ τοὺς πτωχοὺς προσφύγας, διότι πρέπει νὰ ἔχωσι μεθ' ἑαυτῶν τοὐλάχιστον ὀλίγον ἄρτον ἐπιστρέφοντες εἰς τὰς ἀπογυμνωμένας ἑστίας των.

Ὁ κ. Πρωθυπουργὸς ἀπήντησε ἀμέσως ὅτι διετάχθη ἡ ἀποστολὴ ἀλεύρων. Πρὸς τοῦτο δὲ ἐπέστη πολλὴ πρόνοια ἐν τῷ ὑπουργείῳ τῶν Στρατιωτικῶν, καὶ ἐδόθησαν ἤδη διαταγαὶ πρὸς τὸν ἐν Λαμίᾳ ἐπίτροπον, καθ' ὃν τὰ ἄλευρα θὰ σταλῶσι ταχέως εἰς τὰ μέρη τῆς ἐπανόδου.

Ὅσον δ' ἀφορᾷ τὴν ἀναχώρησιν τοῦ Τουρκικοῦ στρατοῦ ἐγνώσθη ὅτι αὕτη λίαν προσεχῶς ἄρχεται τμηματικῶς ἐκ Θεσσαλίας, θὰ μείνῃ δὲ μόνον ὀλίγος τις στρατὸς ἐν τοῖς ἐπικαίροις σημείοις. Ἡ πληροφορία ὅμως προέρχεται ἐκ τουρκικῆς πηγῆς καὶ δὲν νὰ τὴν ἀποδεχθῶμεν μετ' ἐπιφυλάξεως.

ΤΑΡΑΧΑΙ ΒΟΥΛΓΑΡΩΝ
Αἱ διαδόσεις

Ἐκυκλοφόρησε χθὲς τὴν ἑσπέραν ἀνὰ τὴν πόλιν ὅτι ἐν Βουλγαρίᾳ συνέβησαν ταραχαί. Περὶ τούτου ὅμως ἐρωτηθεὶς ἐν τῷ ὑπουργείῳ τῶν Ἐξωτερικῶν ἐδήλωσεν ὅτι ἡ Κυβέρνησις δὲν ἔχει οὐδεμίαν γνῶσιν τοῦ πράγματος.

ΤΟ ΔΙΗΓΗΜΑ ΤΟΥ «ΕΜΠΡΟΣ» (2)
Η ΚΛΗΡΟΝΟΜΙΑ
ΤΗΣ ΕΞΑΔΕΛΦΗΣ ΤΑΥΡΙΝ
ΙΙ

Ἀπῆλθον λοιπὸν εἰς τὴν ἐξοχήν, ἔνθα ἔζων λαμπρῶς ἐπὶ τῆς ἐξαδέλφης Ταυρίν, τῆς μάλιστα ἀγαπητῆς ἐξαδέλφης.

Ἐπειτα δὲ εἰς τὸ τέλος ὡς ἐπιμδεν ἐπανελάμβανε πάντοτε:

— Θὰ ἔλθῃς ἀργότερα, φίλε μου, θὰ ἔλθῃς ἀργότερα.

Ὅταν ἔφθασα τὸ ἑσπέρας ἡ Ἀγλαΐα παρεκάλεσεν ἡ σεβασμία τῶν ὑπηρετριῶν διὰ τὸ ξένον, ἕνα ἐξακολουθήσω νὰ τοὺς μὴ λησμονῶ τὰς τύχας καὶ τὰς ὀφθαλμάμωὶ τὸν καὶ ἔλεγεν εἰς τὸν Ἱππόλυτον:

— Ὅλα αὐτὰ μιὰ μέρα θὰ γένουν δικά μας. Δὲν ἔχομεν καιρὸν νὰ σὲ πείσω νὰ ζῃς ἐδῶ μαζύ μας.

— Ὅταν δώσω, μοῦ ἔλεγεν.

Ἦλθε μίαν ἡμέρα ὅπου ὁ Ἱππόλυτος παρέστη ὅτι ἔπρεπε ἀποφασίσῃ νὰ δοκιμάσῃ νὰ φορέσῃ εἰς ποταμὸν ὅσον δὲν ὑπῆρχον ἀκόμη. Τότε ἡ δεσποινὶς Ταυρίν ἐχαμογέλασεν ὡς ἐπὶ τὸν καθήκον ἐκπλήρωσιν ὅλης νὰ γίνη ἡ ἄνθρωπος.

Ὁ κ. Ἱππόλυτος θὰ περιεσώζεται τὸν κῆπον, ἐλεγεν ἡ δέσποινα Ταυρίν, τὴν κατέχουσαν ἡδη ἡ ἀφαίρεσις τοῦ κόσμου καὶ ὅμως νὰ σώσῃ τὰς πέντε λίρας.

Ὁ δὲ Ἱππόλυτος μεταμορφωθεὶς εἰς κτίστην, κηπουρόν, ξυλουργόν, μηχανικὸν ἐπεσκεύαζε κατὰ πᾶν τρόπον τὴν θάλασσαν, ὅπου εἰσήρχετο τὸ κορμὶ εἰς τὰ φανταστικὰ ἐπαγγέλματα.
